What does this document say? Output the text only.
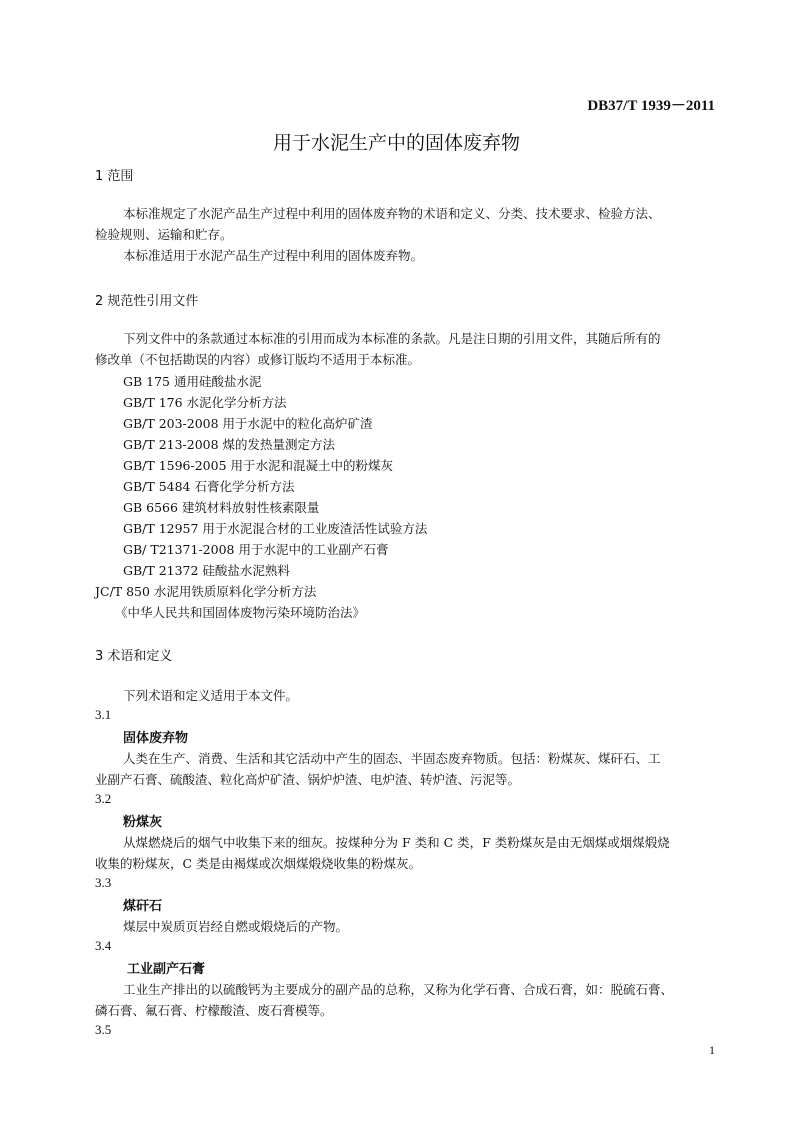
DB37/T 1939－2011
用于水泥生产中的固体废弃物
1 范围
本标准规定了水泥产品生产过程中利用的固体废弃物的术语和定义、分类、技术要求、检验方法、
检验规则、运输和贮存。
本标准适用于水泥产品生产过程中利用的固体废弃物。
2 规范性引用文件
下列文件中的条款通过本标准的引用而成为本标准的条款。凡是注日期的引用文件，其随后所有的
修改单（不包括勘误的内容）或修订版均不适用于本标准。
GB 175 通用硅酸盐水泥
GB/T 176 水泥化学分析方法
GB/T 203-2008 用于水泥中的粒化高炉矿渣
GB/T 213-2008 煤的发热量测定方法
GB/T 1596-2005 用于水泥和混凝土中的粉煤灰
GB/T 5484 石膏化学分析方法
GB 6566 建筑材料放射性核素限量
GB/T 12957 用于水泥混合材的工业废渣活性试验方法
GB/ T21371-2008 用于水泥中的工业副产石膏
GB/T 21372 硅酸盐水泥熟料
JC/T 850 水泥用铁质原料化学分析方法
《中华人民共和国固体废物污染环境防治法》
3 术语和定义
下列术语和定义适用于本文件。
3.1
固体废弃物
人类在生产、消费、生活和其它活动中产生的固态、半固态废弃物质。包括：粉煤灰、煤矸石、工
业副产石膏、硫酸渣、粒化高炉矿渣、锅炉炉渣、电炉渣、转炉渣、污泥等。
3.2
粉煤灰
从煤燃烧后的烟气中收集下来的细灰。按煤种分为 F 类和 C 类，F 类粉煤灰是由无烟煤或烟煤煅烧
收集的粉煤灰，C 类是由褐煤或次烟煤煅烧收集的粉煤灰。
3.3
煤矸石
煤层中炭质页岩经自燃或煅烧后的产物。
3.4
工业副产石膏
工业生产排出的以硫酸钙为主要成分的副产品的总称，又称为化学石膏、合成石膏，如：脱硫石膏、
磷石膏、氟石膏、柠檬酸渣、废石膏模等。
3.5
1
